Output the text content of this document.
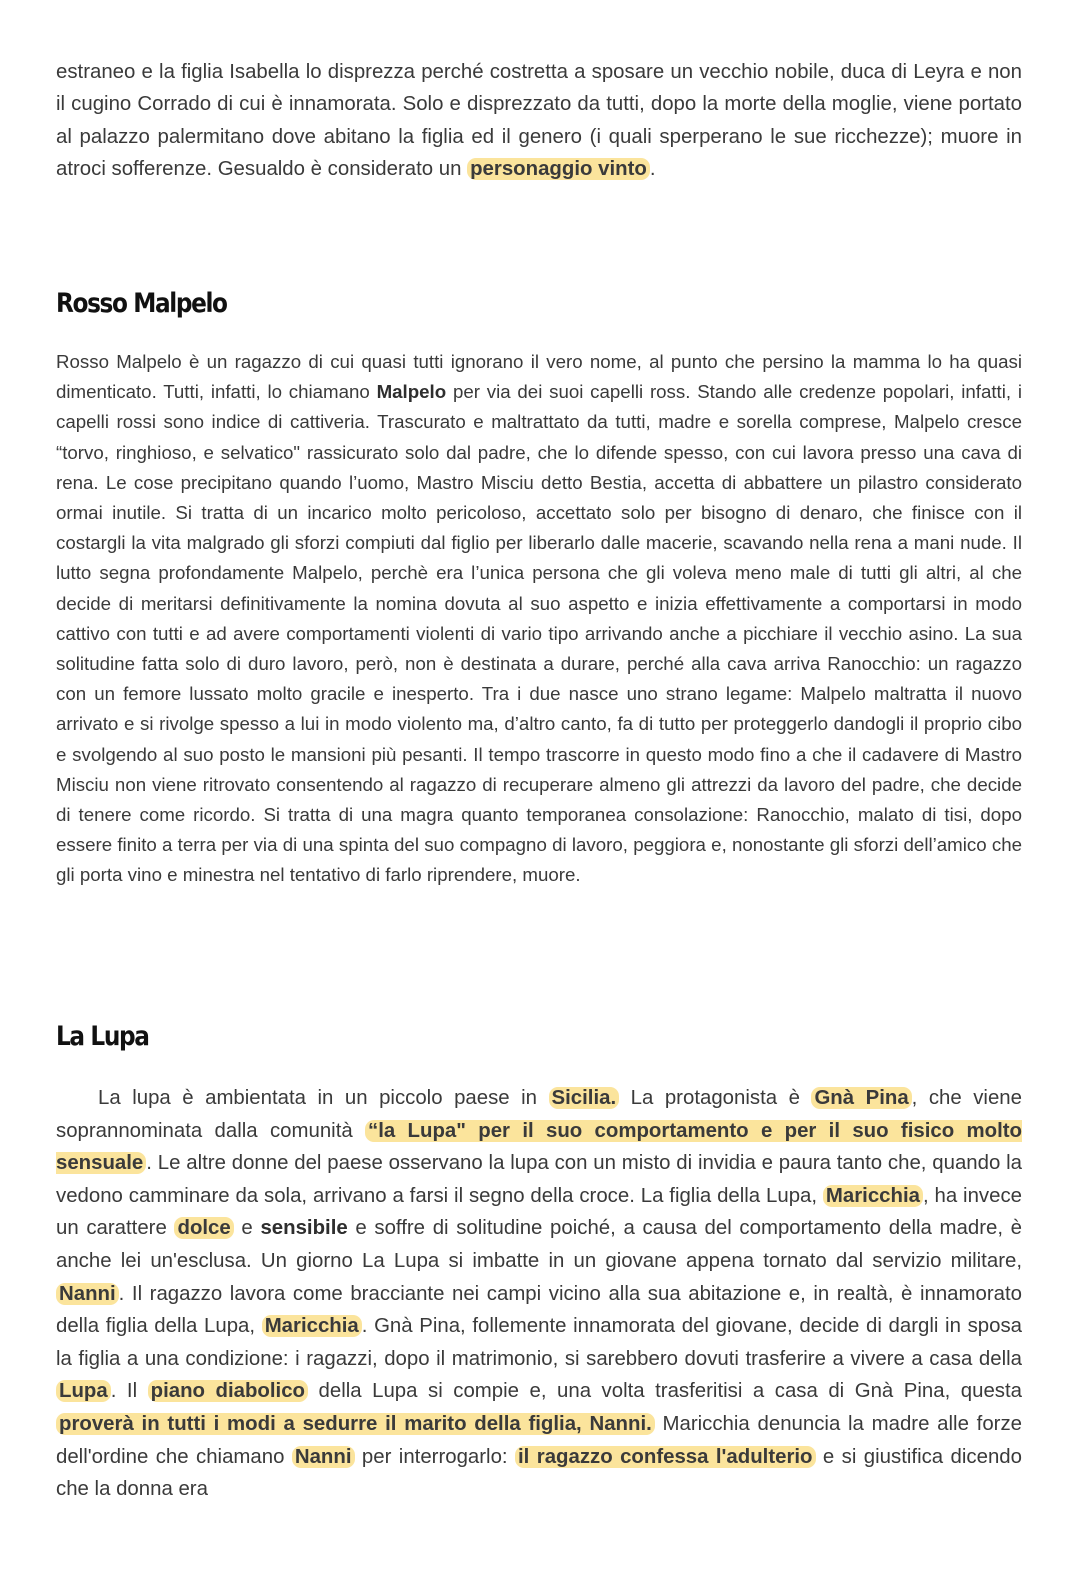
estraneo e la figlia Isabella lo disprezza perché costretta a sposare un vecchio nobile, duca di Leyra e non il cugino Corrado di cui è innamorata. Solo e disprezzato da tutti, dopo la morte della moglie, viene portato al palazzo palermitano dove abitano la figlia ed il genero (i quali sperperano le sue ricchezze); muore in atroci sofferenze. Gesualdo è considerato un personaggio vinto .

Rosso Malpelo

Rosso Malpelo è un ragazzo di cui quasi tutti ignorano il vero nome, al punto che persino la mamma lo ha quasi dimenticato. Tutti, infatti, lo chiamano Malpelo per via dei suoi capelli ross. Stando alle credenze popolari, infatti, i capelli rossi sono indice di cattiveria. Trascurato e maltrattato da tutti, madre e sorella comprese, Malpelo cresce “torvo, ringhioso, e selvatico" rassicurato solo dal padre, che lo difende spesso, con cui lavora presso una cava di rena. Le cose precipitano quando l’uomo, Mastro Misciu detto Bestia, accetta di abbattere un pilastro considerato ormai inutile. Si tratta di un incarico molto pericoloso, accettato solo per bisogno di denaro, che finisce con il costargli la vita malgrado gli sforzi compiuti dal figlio per liberarlo dalle macerie, scavando nella rena a mani nude. Il lutto segna profondamente Malpelo, perchè era l’unica persona che gli voleva meno male di tutti gli altri, al che decide di meritarsi definitivamente la nomina dovuta al suo aspetto e inizia effettivamente a comportarsi in modo cattivo con tutti e ad avere comportamenti violenti di vario tipo arrivando anche a picchiare il vecchio asino. La sua solitudine fatta solo di duro lavoro, però, non è destinata a durare, perché alla cava arriva Ranocchio: un ragazzo con un femore lussato molto gracile e inesperto. Tra i due nasce uno strano legame: Malpelo maltratta il nuovo arrivato e si rivolge spesso a lui in modo violento ma, d’altro canto, fa di tutto per proteggerlo dandogli il proprio cibo e svolgendo al suo posto le mansioni più pesanti. Il tempo trascorre in questo modo fino a che il cadavere di Mastro Misciu non viene ritrovato consentendo al ragazzo di recuperare almeno gli attrezzi da lavoro del padre, che decide di tenere come ricordo. Si tratta di una magra quanto temporanea consolazione: Ranocchio, malato di tisi, dopo essere finito a terra per via di una spinta del suo compagno di lavoro, peggiora e, nonostante gli sforzi dell’amico che gli porta vino e minestra nel tentativo di farlo riprendere, muore.

La Lupa

La lupa è ambientata in un piccolo paese in Sicilia. La protagonista è Gnà Pina , che viene soprannominata dalla comunità “la Lupa" per il suo comportamento e per il suo fisico molto sensuale . Le altre donne del paese osservano la lupa con un misto di invidia e paura tanto che, quando la vedono camminare da sola, arrivano a farsi il segno della croce. La figlia della Lupa, Maricchia , ha invece un carattere dolce e sensibile e soffre di solitudine poiché, a causa del comportamento della madre, è anche lei un'esclusa. Un giorno La Lupa si imbatte in un giovane appena tornato dal servizio militare, Nanni . Il ragazzo lavora come bracciante nei campi vicino alla sua abitazione e, in realtà, è innamorato della figlia della Lupa, Maricchia . Gnà Pina, follemente innamorata del giovane, decide di dargli in sposa la figlia a una condizione: i ragazzi, dopo il matrimonio, si sarebbero dovuti trasferire a vivere a casa della Lupa . Il piano diabolico della Lupa si compie e, una volta trasferitisi a casa di Gnà Pina, questa proverà in tutti i modi a sedurre il marito della figlia, Nanni. Maricchia denuncia la madre alle forze dell'ordine che chiamano Nanni per interrogarlo: il ragazzo confessa l'adulterio e si giustifica dicendo che la donna era
